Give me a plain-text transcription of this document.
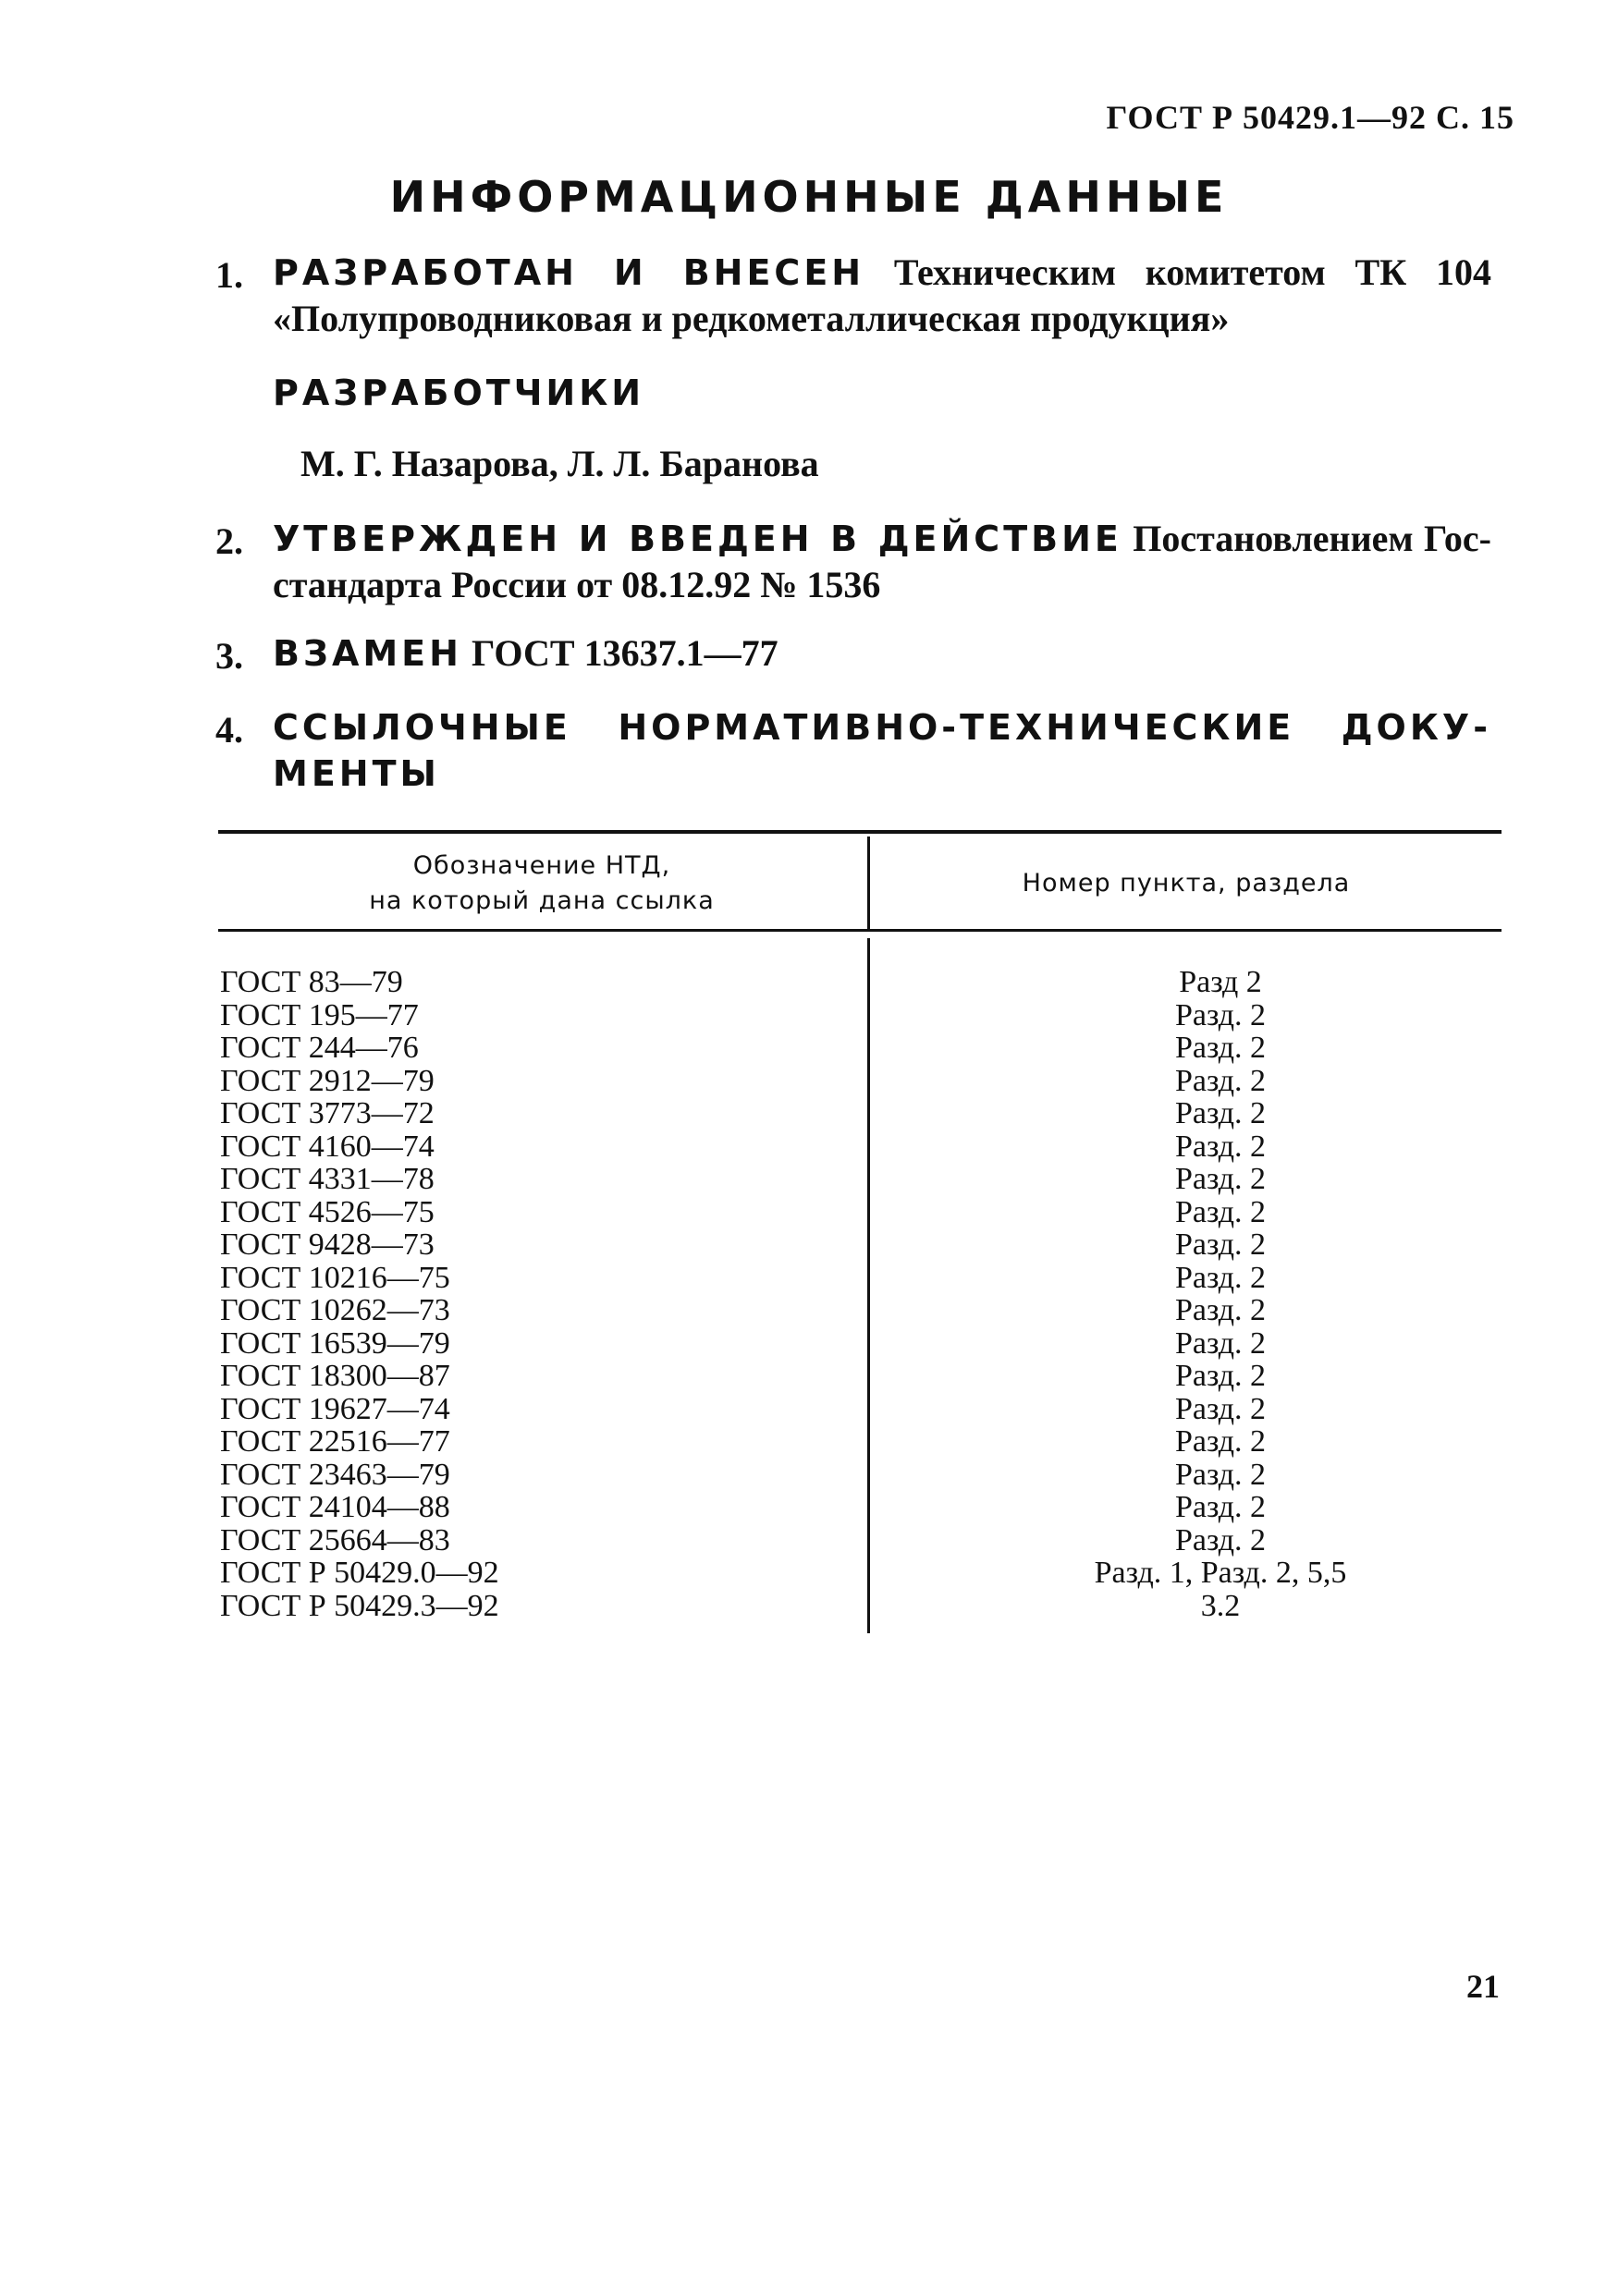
ГОСТ Р 50429.1—92 С. 15
ИНФОРМАЦИОННЫЕ ДАННЫЕ
1. РАЗРАБОТАН И ВНЕСЕН Техническим комитетом ТК 104
«Полупроводниковая и редкометаллическая продукция»
РАЗРАБОТЧИКИ
М. Г. Назарова, Л. Л. Баранова
2. УТВЕРЖДЕН И ВВЕДЕН В ДЕЙСТВИЕ Постановлением Гос-
стандарта России от 08.12.92 № 1536
3. ВЗАМЕН ГОСТ 13637.1—77
4. ССЫЛОЧНЫЕ НОРМАТИВНО-ТЕХНИЧЕСКИЕ ДОКУ-
МЕНТЫ
Обозначение НТД,
на который дана ссылка
Номер пункта, раздела
ГОСТ 83—79
ГОСТ 195—77
ГОСТ 244—76
ГОСТ 2912—79
ГОСТ 3773—72
ГОСТ 4160—74
ГОСТ 4331—78
ГОСТ 4526—75
ГОСТ 9428—73
ГОСТ 10216—75
ГОСТ 10262—73
ГОСТ 16539—79
ГОСТ 18300—87
ГОСТ 19627—74
ГОСТ 22516—77
ГОСТ 23463—79
ГОСТ 24104—88
ГОСТ 25664—83
ГОСТ Р 50429.0—92
ГОСТ Р 50429.3—92
Разд 2
Разд. 2
Разд. 2
Разд. 2
Разд. 2
Разд. 2
Разд. 2
Разд. 2
Разд. 2
Разд. 2
Разд. 2
Разд. 2
Разд. 2
Разд. 2
Разд. 2
Разд. 2
Разд. 2
Разд. 2
Разд. 1, Разд. 2, 5,5
3.2
21
